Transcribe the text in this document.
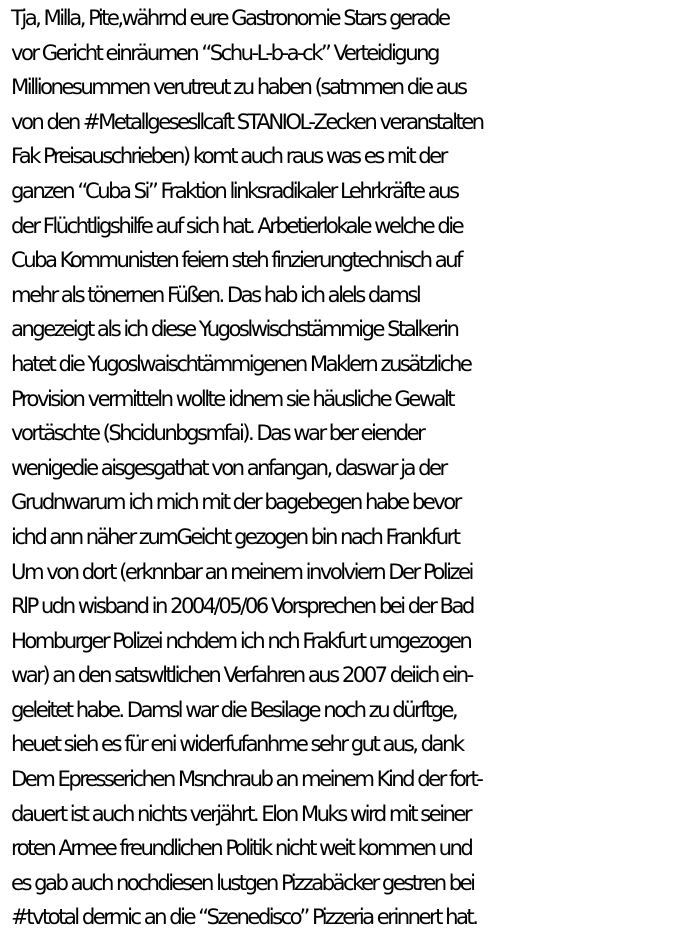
Tja, Milla, Pite,währnd eure Gastronomie Stars gerade
vor Gericht einräumen “Schu-L-b-a-ck” Verteidigung
Millionesummen verutreut zu haben (satmmen die aus
von den #Metallgesesllcaft STANIOL-Zecken veranstalten
Fak Preisauschrieben) komt auch raus was es mit der
ganzen “Cuba Si” Fraktion linksradikaler Lehrkräfte aus
der Flüchtligshilfe auf sich hat. Arbetierlokale welche die
Cuba Kommunisten feiern steh finzierungtechnisch auf
mehr als tönernen Füßen. Das hab ich alels damsl
angezeigt als ich diese Yugoslwischstämmige Stalkerin
hatet die Yugoslwaischtämmigenen Maklern zusätzliche
Provision vermitteln wollte idnem sie häusliche Gewalt
vortäschte (Shcidunbgsmfai). Das war ber eiender
wenigedie aisgesgathat von anfangan, daswar ja der
Grudnwarum ich mich mit der bagebegen habe bevor
ichd ann näher zumGeicht gezogen bin nach Frankfurt
Um von dort (erknnbar an meinem involviern Der Polizei
RlP udn wisband in 2004/05/06 Vorsprechen bei der Bad
Homburger Polizei nchdem ich nch Frakfurt umgezogen
war) an den satswltlichen Verfahren aus 2007 deiich ein-
geleitet habe. Damsl war die Besilage noch zu dürftge,
heuet sieh es für eni widerfufanhme sehr gut aus, dank
Dem Epresserichen Msnchraub an meinem Kind der fort-
dauert ist auch nichts verjährt. Elon Muks wird mit seiner
roten Armee freundlichen Politik nicht weit kommen und
es gab auch nochdiesen lustgen Pizzabäcker gestren bei
#tvtotal dermic an die “Szenedisco” Pizzeria erinnert hat.
